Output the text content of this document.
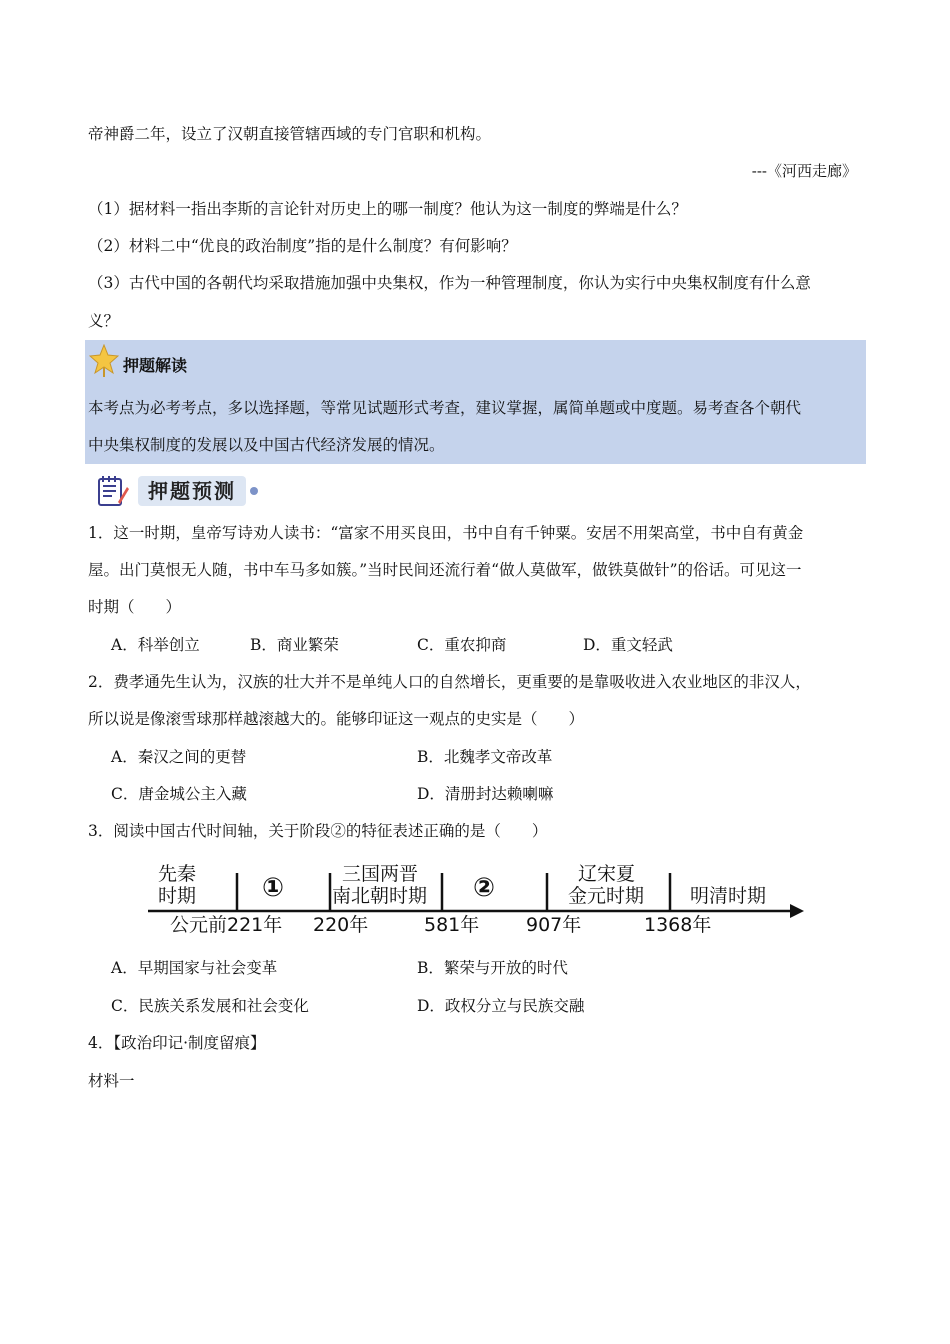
帝神爵二年，设立了汉朝直接管辖西域的专门官职和机构。
---《河西走廊》
（1）据材料一指出李斯的言论针对历史上的哪一制度？他认为这一制度的弊端是什么？
（2）材料二中“优良的政治制度”指的是什么制度？有何影响？
（3）古代中国的各朝代均采取措施加强中央集权，作为一种管理制度，你认为实行中央集权制度有什么意
义？
押题解读
本考点为必考考点，多以选择题，等常见试题形式考查，建议掌握，属简单题或中度题。易考查各个朝代
中央集权制度的发展以及中国古代经济发展的情况。
押题预测
1．这一时期，皇帝写诗劝人读书：“富家不用买良田，书中自有千钟粟。安居不用架高堂，书中自有黄金
屋。出门莫恨无人随，书中车马多如簇。”当时民间还流行着“做人莫做军，做铁莫做针”的俗话。可见这一
时期（　　）
A．科举创立	B．商业繁荣	C．重农抑商	D．重文轻武
2．费孝通先生认为，汉族的壮大并不是单纯人口的自然增长，更重要的是靠吸收进入农业地区的非汉人，
所以说是像滚雪球那样越滚越大的。能够印证这一观点的史实是（　　）
A．秦汉之间的更替	B．北魏孝文帝改革
C．唐金城公主入藏	D．清册封达赖喇嘛
3．阅读中国古代时间轴，关于阶段②的特征表述正确的是（　　）
先秦
时期	①	三国两晋
南北朝时期 ②	辽宋夏
金元时期 明清时期
公元前221年 220年	581年 907年	1368年
A．早期国家与社会变革	B．繁荣与开放的时代
C．民族关系发展和社会变化	D．政权分立与民族交融
4．【政治印记·制度留痕】
材料一
